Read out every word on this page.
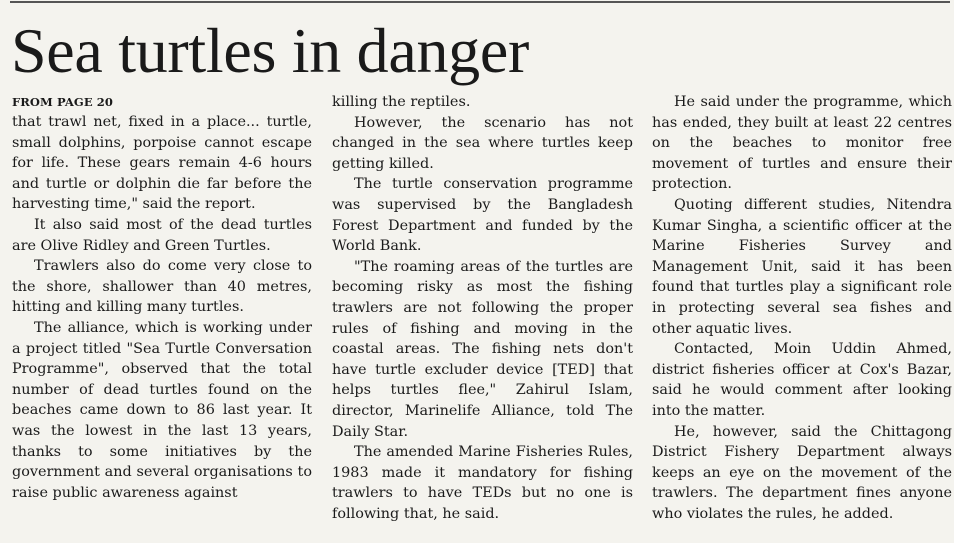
Sea turtles in danger

FROM PAGE 20

that trawl net, fixed in a place... turtle, small dolphins, porpoise cannot escape for life. These gears remain 4-6 hours and turtle or dolphin die far before the harvesting time," said the report.

It also said most of the dead turtles are Olive Ridley and Green Turtles.

Trawlers also do come very close to the shore, shallower than 40 metres, hitting and killing many turtles.

The alliance, which is working under a project titled "Sea Turtle Conversation Programme", observed that the total number of dead turtles found on the beaches came down to 86 last year. It was the lowest in the last 13 years, thanks to some initiatives by the government and several organisations to raise public awareness against

killing the reptiles.

However, the scenario has not changed in the sea where turtles keep getting killed.

The turtle conservation programme was supervised by the Bangladesh Forest Department and funded by the World Bank.

"The roaming areas of the turtles are becoming risky as most the fishing trawlers are not following the proper rules of fishing and moving in the coastal areas. The fishing nets don't have turtle excluder device [TED] that helps turtles flee," Zahirul Islam, director, Marinelife Alliance, told The Daily Star.

The amended Marine Fisheries Rules, 1983 made it mandatory for fishing trawlers to have TEDs but no one is following that, he said.

He said under the programme, which has ended, they built at least 22 centres on the beaches to monitor free movement of turtles and ensure their protection.

Quoting different studies, Nitendra Kumar Singha, a scientific officer at the Marine Fisheries Survey and Management Unit, said it has been found that turtles play a significant role in protecting several sea fishes and other aquatic lives.

Contacted, Moin Uddin Ahmed, district fisheries officer at Cox's Bazar, said he would comment after looking into the matter.

He, however, said the Chittagong District Fishery Department always keeps an eye on the movement of the trawlers. The department fines anyone who violates the rules, he added.
